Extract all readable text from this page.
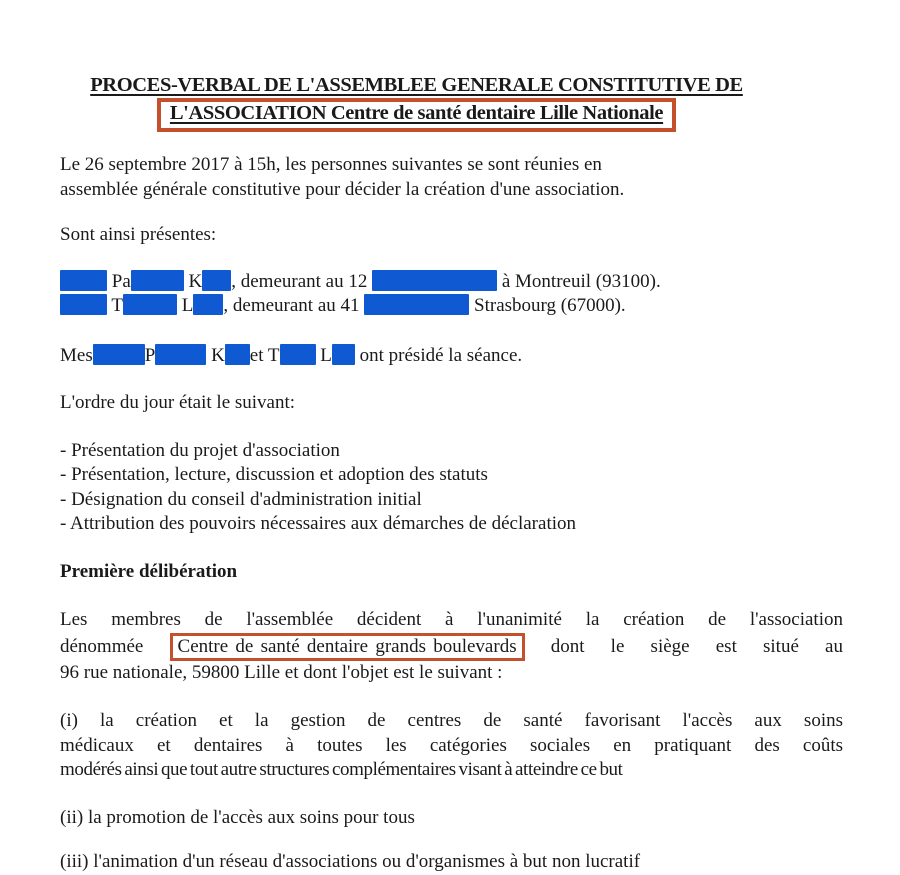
PROCES-VERBAL DE L'ASSEMBLEE GENERALE CONSTITUTIVE DE
L'ASSOCIATION Centre de santé dentaire Lille Nationale
Le 26 septembre 2017 à 15h, les personnes suivantes se sont réunies en
assemblée générale constitutive pour décider la création d'une association.
Sont ainsi présentes:
Pa	K , demeurant au 12	à Montreuil (93100).
T	L , demeurant au 41	Strasbourg (67000).
Mes	P	K et T L ont présidé la séance.
L'ordre du jour était le suivant:
- Présentation du projet d'association
- Présentation, lecture, discussion et adoption des statuts
- Désignation du conseil d'administration initial
- Attribution des pouvoirs nécessaires aux démarches de déclaration
Première délibération
Les membres de l'assemblée décident à l'unanimité la création de l'association
dénommée Centre de santé dentaire grands boulevards dont le siège est situé au
96 rue nationale, 59800 Lille et dont l'objet est le suivant :
(i) la création et la gestion de centres de santé favorisant l'accès aux soins
médicaux et dentaires à toutes les catégories sociales en pratiquant des coûts
modérés ainsi que tout autre structures complémentaires visant à atteindre ce but
(ii) la promotion de l'accès aux soins pour tous
(iii) l'animation d'un réseau d'associations ou d'organismes à but non lucratif
